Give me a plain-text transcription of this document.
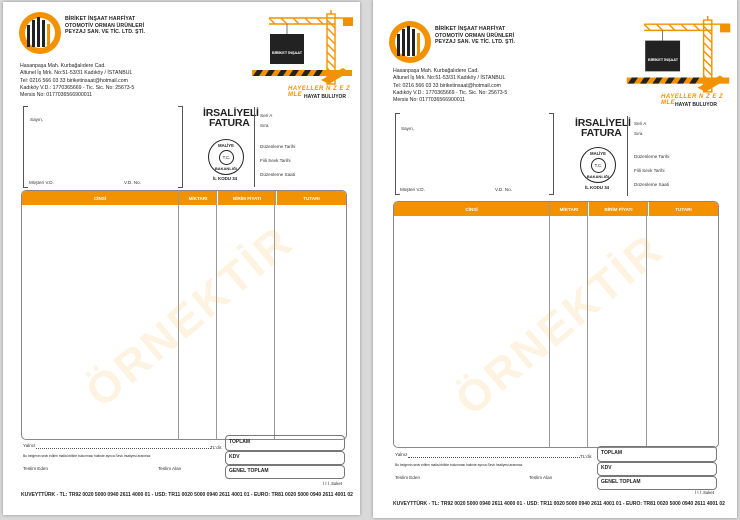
BİRİKET İNŞAAT HARFİYAT
OTOMOTİV ORMAN ÜRÜNLERİ
PEYZAJ SAN. VE TİC. LTD. ŞTİ.
Hasanpaşa Mah. Kurbağalıdere Cad.
Altunel İş Mrk. No:51-53/31 Kadıköy / İSTANBUL
Tel: 0216 566 03 33 biriketinsaat@hotmail.com
Kadıköy V.D.: 1770365669 - Tic. Sic. No: 25673-5
Mersis No: 0177036566900011
BİRİKET İNŞAAT
HAYELLER N Z E Z MLE HAYAT BULUYOR
Sayın,
Müşteri V.D.	V.D. No.
İRSALİYELİ
FATURA
Seri A
Sıra
Düzenleme Tarihi
Fiili Sevk Tarihi
Düzenleme Saati
MALİYE
T.C.
BAKANLIĞI
İL KODU 34
CİNSİ	MİKTARI	BİRİM FİYATI	TUTARI
ÖRNEKTİR
Yalnız	TL'dir.
Bu belgenin sevk edilen malla birlikte bulunması halinde ayrıca Sevk İrsaliyesi aranmaz
Teslim Eden	Teslim Alan
TOPLAM
KDV
GENEL TOPLAM
İ İ İ .Suket
KUVEYTTÜRK - TL: TR92 0020 5000 0940 2611 4000 01 - USD: TR11 0020 5000 0940 2611 4001 01 - EURO: TR81 0020 5000 0940 2611 4001 02
BİRİKET İNŞAAT HARFİYAT
OTOMOTİV ORMAN ÜRÜNLERİ
PEYZAJ SAN. VE TİC. LTD. ŞTİ.
Hasanpaşa Mah. Kurbağalıdere Cad.
Altunel İş Mrk. No:51-53/31 Kadıköy / İSTANBUL
Tel: 0216 566 03 33 biriketinsaat@hotmail.com
Kadıköy V.D.: 1770365669 - Tic. Sic. No: 25673-5
Mersis No: 0177036566900011
BİRİKET İNŞAAT
HAYELLER N Z E Z MLE HAYAT BULUYOR
Sayın,
Müşteri V.D.	V.D. No.
İRSALİYELİ
FATURA
Seri A
Sıra
Düzenleme Tarihi
Fiili Sevk Tarihi
Düzenleme Saati
MALİYE
T.C.
BAKANLIĞI
İL KODU 34
CİNSİ	MİKTARI	BİRİM FİYATI	TUTARI
ÖRNEKTİR
Yalnız	TL'dir.
Bu belgenin sevk edilen malla birlikte bulunması halinde ayrıca Sevk İrsaliyesi aranmaz
Teslim Eden	Teslim Alan
TOPLAM
KDV
GENEL TOPLAM
İ İ İ .Suket
KUVEYTTÜRK - TL: TR92 0020 5000 0940 2611 4000 01 - USD: TR11 0020 5000 0940 2611 4001 01 - EURO: TR81 0020 5000 0940 2611 4001 02
